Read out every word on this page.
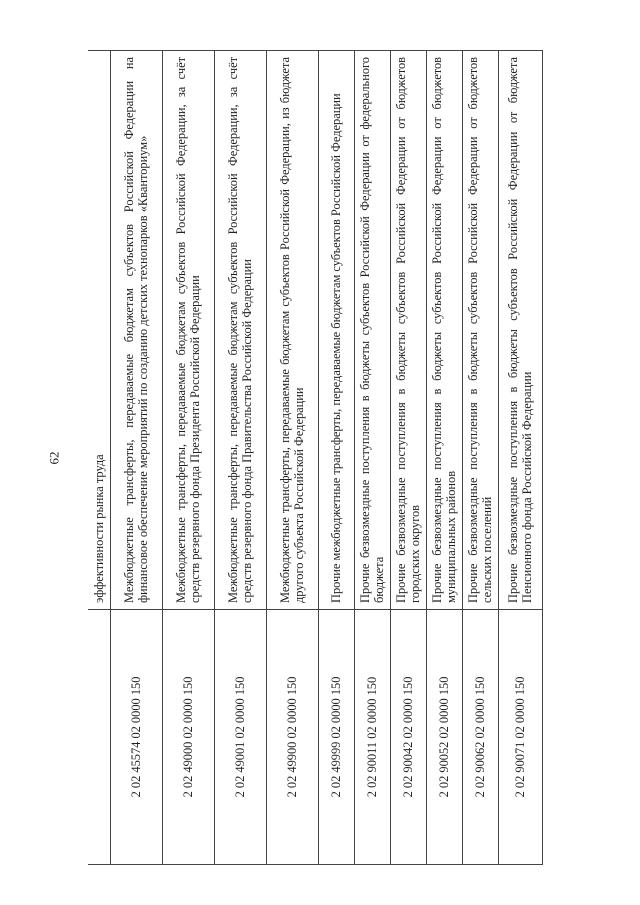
62
	эффективности рынка труда
2 02 45574 02 0000 150	Межбюджетные трансферты, передаваемые бюджетам субъектов Российской Федерации на финансовое обеспечение мероприятий по созданию детских технопарков «Кванториум»
2 02 49000 02 0000 150	Межбюджетные трансферты, передаваемые бюджетам субъектов Российской Федерации, за счёт средств резервного фонда Президента Российской Федерации
2 02 49001 02 0000 150	Межбюджетные трансферты, передаваемые бюджетам субъектов Российской Федерации, за счёт средств резервного фонда Правительства Российской Федерации
2 02 49900 02 0000 150	Межбюджетные трансферты, передаваемые бюджетам субъектов Российской Федерации, из бюджета другого субъекта Российской Федерации
2 02 49999 02 0000 150	Прочие межбюджетные трансферты, передаваемые бюджетам субъектов Российской Федерации
2 02 90011 02 0000 150	Прочие безвозмездные поступления в бюджеты субъектов Российской Федерации от федерального бюджета
2 02 90042 02 0000 150	Прочие безвозмездные поступления в бюджеты субъектов Российской Федерации от бюджетов городских округов
2 02 90052 02 0000 150	Прочие безвозмездные поступления в бюджеты субъектов Российской Федерации от бюджетов муниципальных районов
2 02 90062 02 0000 150	Прочие безвозмездные поступления в бюджеты субъектов Российской Федерации от бюджетов сельских поселений
2 02 90071 02 0000 150	Прочие безвозмездные поступления в бюджеты субъектов Российской Федерации от бюджета Пенсионного фонда Российской Федерации
